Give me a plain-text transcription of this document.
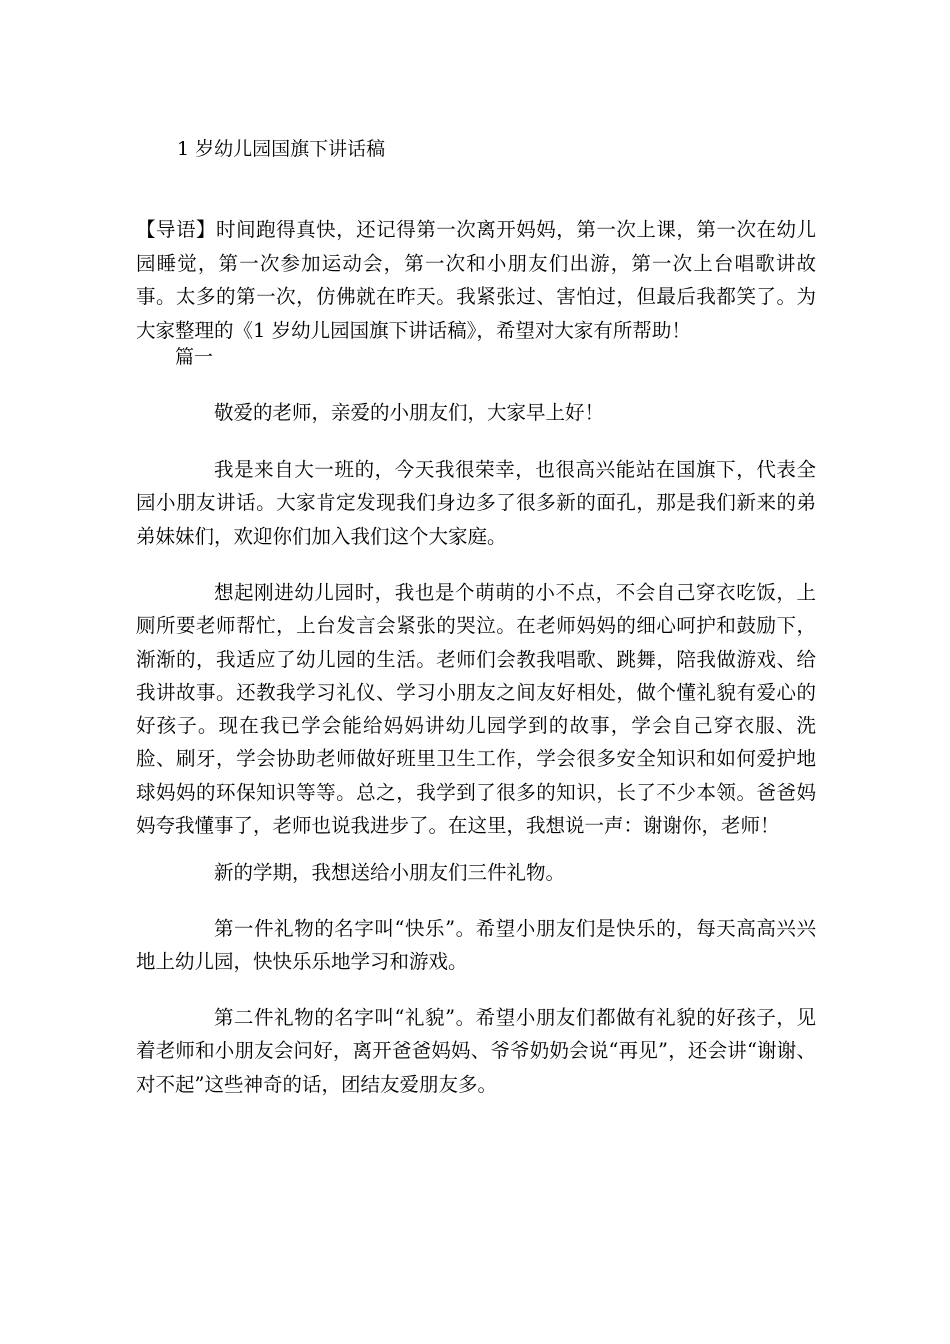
1 岁幼儿园国旗下讲话稿
【导语】时间跑得真快，还记得第一次离开妈妈，第一次上课，第一次在幼儿园睡觉，第一次参加运动会，第一次和小朋友们出游，第一次上台唱歌讲故事。太多的第一次，仿佛就在昨天。我紧张过、害怕过，但最后我都笑了。为大家整理的《1 岁幼儿园国旗下讲话稿》，希望对大家有所帮助！
篇一
敬爱的老师，亲爱的小朋友们，大家早上好！
我是来自大一班的，今天我很荣幸，也很高兴能站在国旗下，代表全园小朋友讲话。大家肯定发现我们身边多了很多新的面孔，那是我们新来的弟弟妹妹们，欢迎你们加入我们这个大家庭。
想起刚进幼儿园时，我也是个萌萌的小不点，不会自己穿衣吃饭，上厕所要老师帮忙，上台发言会紧张的哭泣。在老师妈妈的细心呵护和鼓励下，渐渐的，我适应了幼儿园的生活。老师们会教我唱歌、跳舞，陪我做游戏、给我讲故事。还教我学习礼仪、学习小朋友之间友好相处，做个懂礼貌有爱心的好孩子。现在我已学会能给妈妈讲幼儿园学到的故事，学会自己穿衣服、洗脸、刷牙，学会协助老师做好班里卫生工作，学会很多安全知识和如何爱护地球妈妈的环保知识等等。总之，我学到了很多的知识，长了不少本领。爸爸妈妈夸我懂事了，老师也说我进步了。在这里，我想说一声：谢谢你，老师！
新的学期，我想送给小朋友们三件礼物。
第一件礼物的名字叫“快乐”。希望小朋友们是快乐的，每天高高兴兴地上幼儿园，快快乐乐地学习和游戏。
第二件礼物的名字叫“礼貌”。希望小朋友们都做有礼貌的好孩子，见着老师和小朋友会问好，离开爸爸妈妈、爷爷奶奶会说“再见”，还会讲“谢谢、对不起”这些神奇的话，团结友爱朋友多。
